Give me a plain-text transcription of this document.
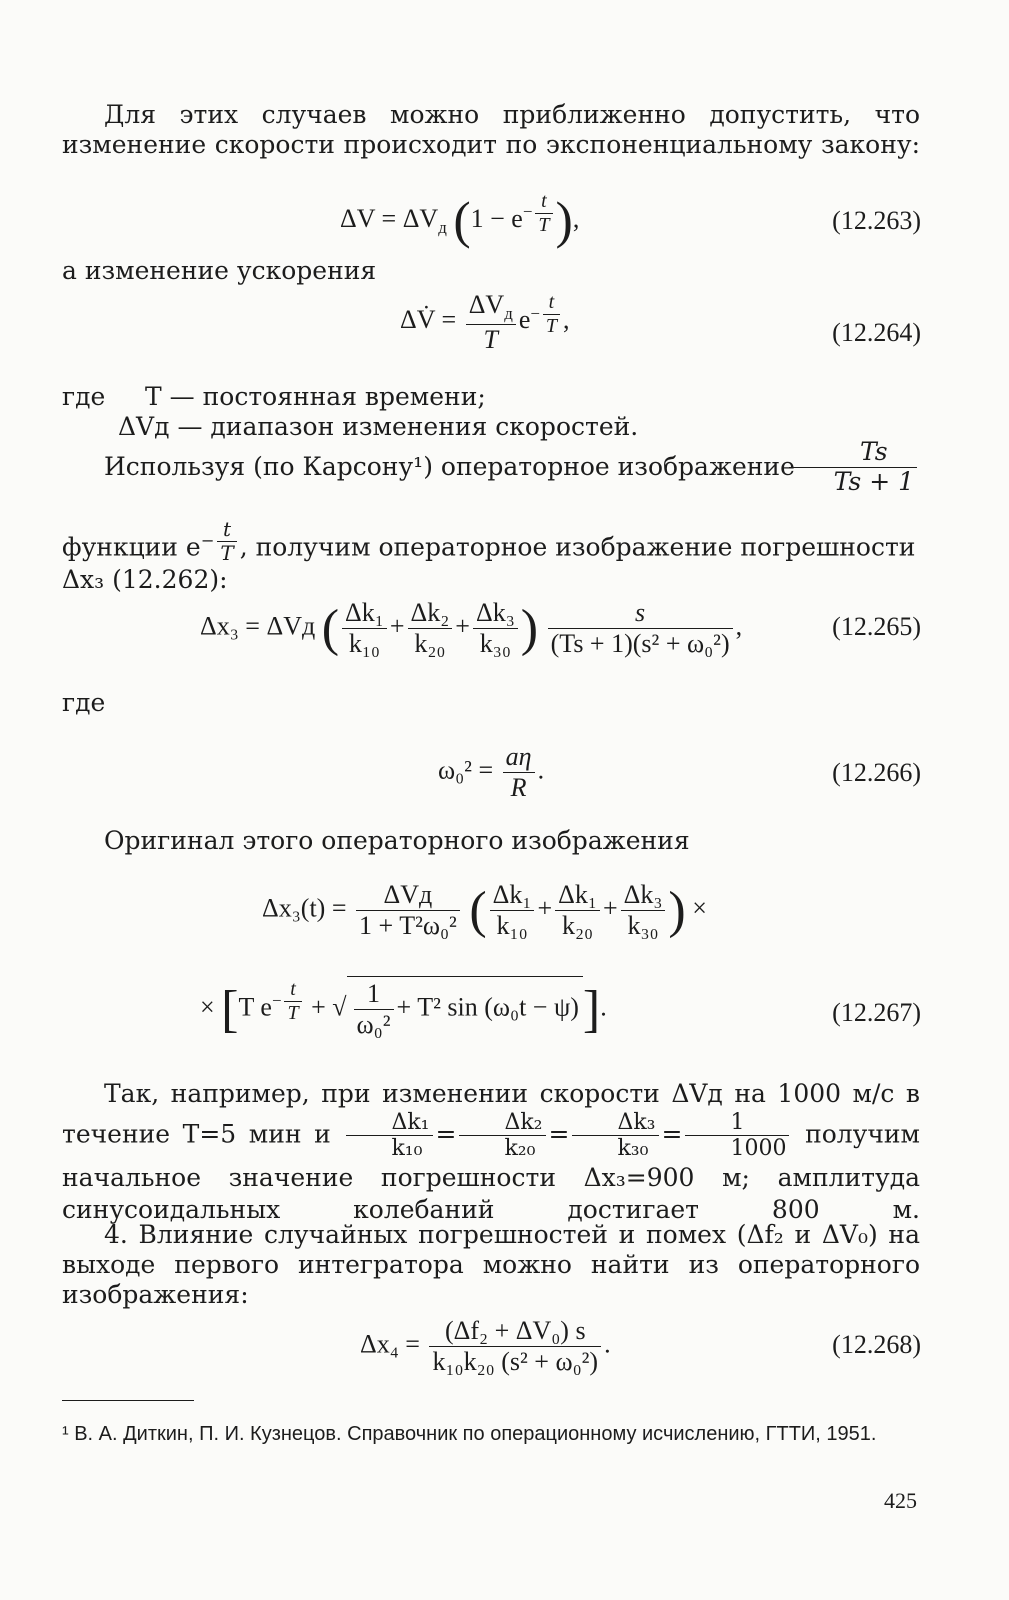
Для этих случаев можно приближенно допустить, что изменение скорости происходит по экспоненциальному закону:
$\Delta V = \Delta V_д$ ($1 - e^{- \frac{t}{T}}$ ),	(12.263)
а изменение ускорения
ΔV̇ = $\frac{\Delta V_д}{T} e^{- \frac{t}{T}}$ ,	(12.264)
где T — постоянная времени;
ΔVд — диапазон изменения скоростей.
Используя (по Карсону¹) операторное изображение
$\frac{Ts}{Ts + 1}$
функции $e^{- \frac{t}{T}}$ , получим операторное изображение погрешности Δx₃ (12.262):
Δx₃ = ΔVд ( $\frac{\text{Δk₁}}{\text{k₁₀}} + \frac{\text{Δk₂}}{\text{k₂₀}} + \frac{\text{Δk₃}}{\text{k₃₀}}$ ) $\frac{s}{\text{(Ts + 1)(s² + ω₀²)}}$ ,	(12.265)
где
$\omega_0^2 = \frac{a\eta}{R}$ .	(12.266)
Оригинал этого операторного изображения
$\Delta x_3(t) = \frac{\text{ΔVд}}{\text{1 + T²ω₀²}}$ ( $\frac{\text{Δk₁}}{\text{k₁₀}} + \frac{\text{Δk₁}}{\text{k₂₀}} + \frac{\text{Δk₃}}{\text{k₃₀}}$ ) ×
× [T $e^{- \frac{t}{T}}$ + √ $\frac{1}{\text{ω₀²}} + T^2$ sin (ω₀t − ψ)].	(12.267)
Так, например, при изменении скорости ΔVд на 1000 м/с в течение T=5 мин и $\frac{\text{Δk₁}}{\text{k₁₀}} = \frac{\text{Δk₂}}{\text{k₂₀}} = \frac{\text{Δk₃}}{\text{k₃₀}} = \frac{1}{1000}$ получим начальное значение погрешности Δx₃=900 м; амплитуда синусоидальных колебаний достигает 800 м.
4. Влияние случайных погрешностей и помех (Δf₂ и ΔV₀) на выходе первого интегратора можно найти из операторного изображения:
$\Delta x_4 = \frac{\text{(Δf₂ + ΔV₀) s}}{\text{k₁₀k₂₀ (s² + ω₀²)}}$ .	(12.268)
¹ В. А. Диткин, П. И. Кузнецов. Справочник по операционному исчислению, ГТТИ, 1951.
425
